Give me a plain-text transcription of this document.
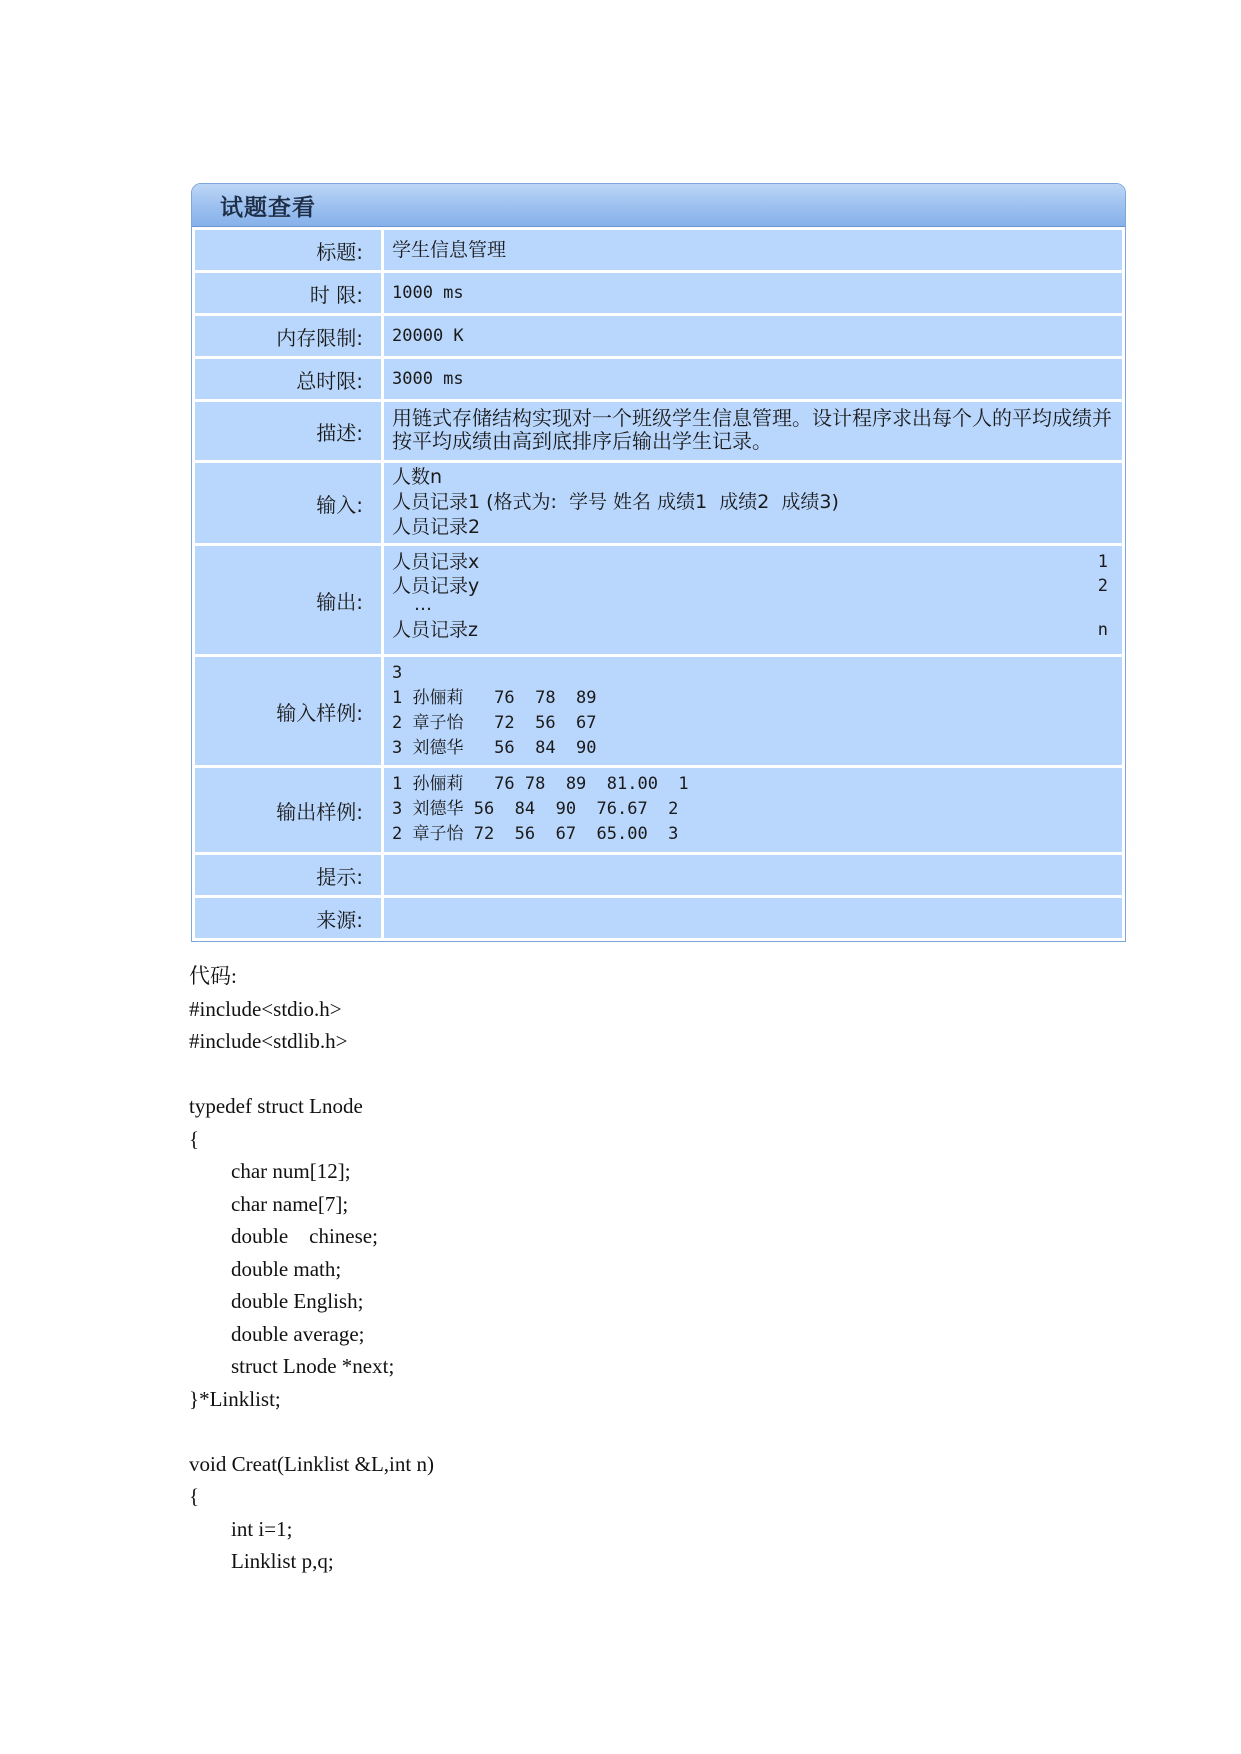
试题查看
标题:	学生信息管理
时 限:	1000 ms
内存限制:	20000 K
总时限:	3000 ms
描述:
用链式存储结构实现对一个班级学生信息管理。设计程序求出每个人的平均成绩并按平均成绩由高到底排序后输出学生记录。
输入:
人数n
人员记录1 (格式为:  学号 姓名 成绩1  成绩2  成绩3)
人员记录2
输出:
人员记录x	1
人员记录y	2
…
人员记录z	n
输入样例:
3
1 孙俪莉   76  78  89
2 章子怡   72  56  67
3 刘德华   56  84  90
输出样例:
1 孙俪莉   76 78  89  81.00  1
3 刘德华 56  84  90  76.67  2
2 章子怡 72  56  67  65.00  3
提示:
来源:
代码:
#include<stdio.h>
#include<stdlib.h>
typedef struct Lnode
{
char num[12];
char name[7];
double    chinese;
double math;
double English;
double average;
struct Lnode *next;
}*Linklist;
void Creat(Linklist &L,int n)
{
int i=1;
Linklist p,q;
